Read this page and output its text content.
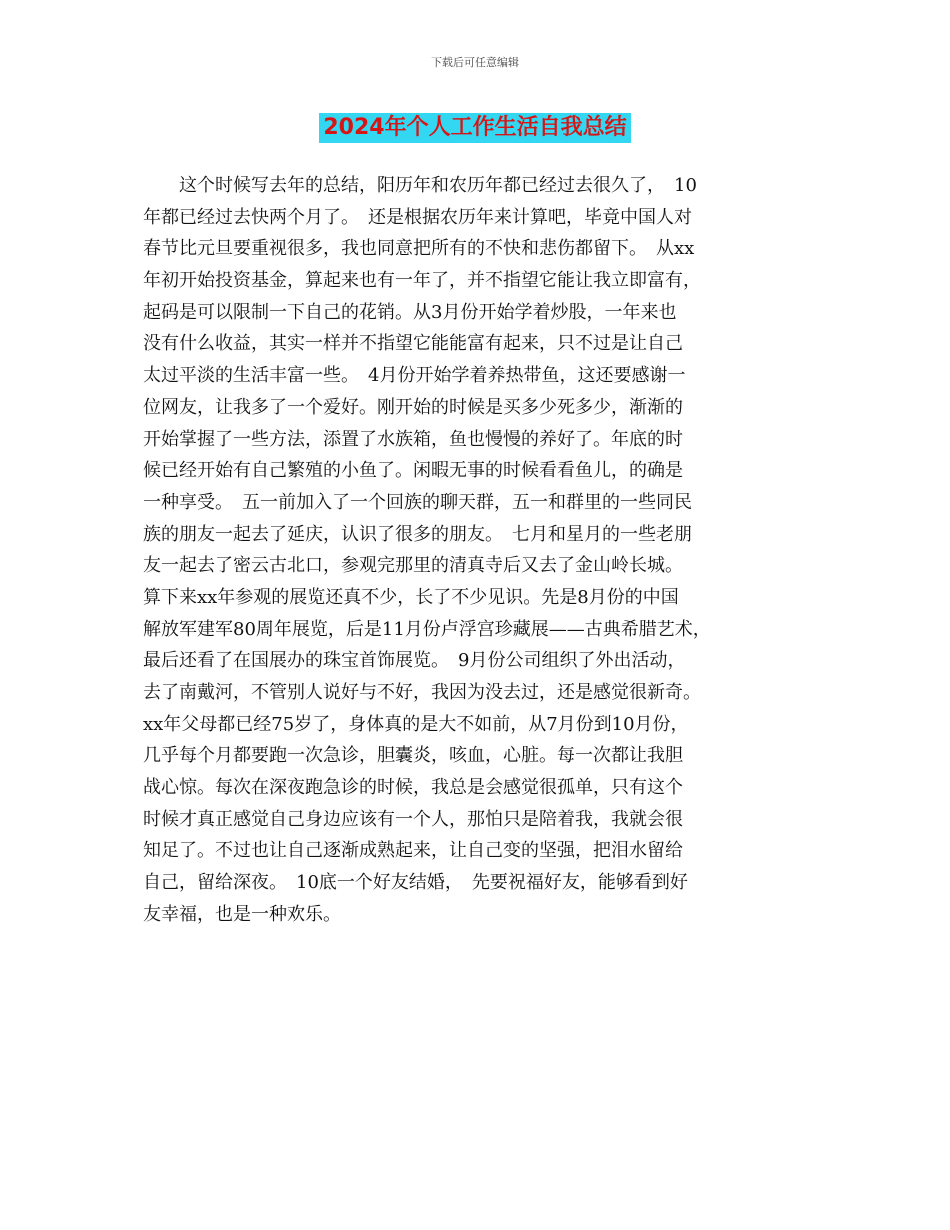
下载后可任意编辑
2024年个人工作生活自我总结
　　这个时候写去年的总结，阳历年和农历年都已经过去很久了，　10
年都已经过去快两个月了。　还是根据农历年来计算吧，毕竟中国人对
春节比元旦要重视很多，我也同意把所有的不快和悲伤都留下。　从xx
年初开始投资基金，算起来也有一年了，并不指望它能让我立即富有，
起码是可以限制一下自己的花销。从3月份开始学着炒股，一年来也
没有什么收益，其实一样并不指望它能能富有起来，只不过是让自己
太过平淡的生活丰富一些。　4月份开始学着养热带鱼，这还要感谢一
位网友，让我多了一个爱好。刚开始的时候是买多少死多少，渐渐的
开始掌握了一些方法，添置了水族箱，鱼也慢慢的养好了。年底的时
候已经开始有自己繁殖的小鱼了。闲暇无事的时候看看鱼儿，的确是
一种享受。　五一前加入了一个回族的聊天群，五一和群里的一些同民
族的朋友一起去了延庆，认识了很多的朋友。　七月和星月的一些老朋
友一起去了密云古北口，参观完那里的清真寺后又去了金山岭长城。
算下来xx年参观的展览还真不少，长了不少见识。先是8月份的中国
解放军建军80周年展览，后是11月份卢浮宫珍藏展——古典希腊艺术，
最后还看了在国展办的珠宝首饰展览。　9月份公司组织了外出活动，
去了南戴河，不管别人说好与不好，我因为没去过，还是感觉很新奇。
xx年父母都已经75岁了，身体真的是大不如前，从7月份到10月份，
几乎每个月都要跑一次急诊，胆囊炎，咳血，心脏。每一次都让我胆
战心惊。每次在深夜跑急诊的时候，我总是会感觉很孤单，只有这个
时候才真正感觉自己身边应该有一个人，那怕只是陪着我，我就会很
知足了。不过也让自己逐渐成熟起来，让自己变的坚强，把泪水留给
自己，留给深夜。　10底一个好友结婚，　先要祝福好友，能够看到好
友幸福，也是一种欢乐。
